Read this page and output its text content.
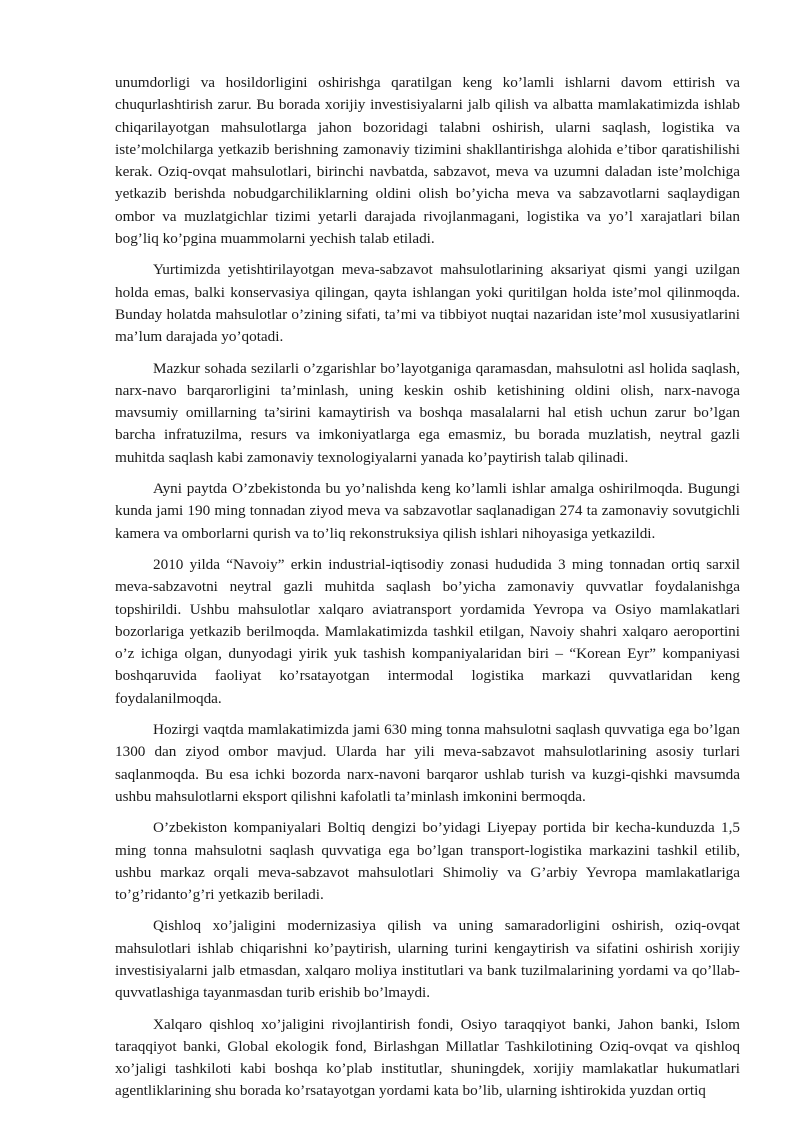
unumdorligi va hosildorligini oshirishga qaratilgan keng ko’lamli ishlarni davom ettirish va chuqurlashtirish zarur. Bu borada xorijiy investisiyalarni jalb qilish va albatta mamlakatimizda ishlab chiqarilayotgan mahsulotlarga jahon bozoridagi talabni oshirish, ularni saqlash, logistika va iste’molchilarga yetkazib berishning zamonaviy tizimini shakllantirishga alohida e’tibor qaratishilishi kerak. Oziq-ovqat mahsulotlari, birinchi navbatda, sabzavot, meva va uzumni daladan iste’molchiga yetkazib berishda nobudgarchiliklarning oldini olish bo’yicha meva va sabzavotlarni saqlaydigan ombor va muzlatgichlar tizimi yetarli darajada rivojlanmagani, logistika va yo’l xarajatlari bilan bog’liq ko’pgina muammolarni yechish talab etiladi.

Yurtimizda yetishtirilayotgan meva-sabzavot mahsulotlarining aksariyat qismi yangi uzilgan holda emas, balki konservasiya qilingan, qayta ishlangan yoki quritilgan holda iste’mol qilinmoqda. Bunday holatda mahsulotlar o’zining sifati, ta’mi va tibbiyot nuqtai nazaridan iste’mol xususiyatlarini ma’lum darajada yo’qotadi.

Mazkur sohada sezilarli o’zgarishlar bo’layotganiga qaramasdan, mahsulotni asl holida saqlash, narx-navo barqarorligini ta’minlash, uning keskin oshib ketishining oldini olish, narx-navoga mavsumiy omillarning ta’sirini kamaytirish va boshqa masalalarni hal etish uchun zarur bo’lgan barcha infratuzilma, resurs va imkoniyatlarga ega emasmiz, bu borada muzlatish, neytral gazli muhitda saqlash kabi zamonaviy texnologiyalarni yanada ko’paytirish talab qilinadi.

Ayni paytda O’zbekistonda bu yo’nalishda keng ko’lamli ishlar amalga oshirilmoqda. Bugungi kunda jami 190 ming tonnadan ziyod meva va sabzavotlar saqlanadigan 274 ta zamonaviy sovutgichli kamera va omborlarni qurish va to’liq rekonstruksiya qilish ishlari nihoyasiga yetkazildi.

2010 yilda “Navoiy” erkin industrial-iqtisodiy zonasi hududida 3 ming tonnadan ortiq sarxil meva-sabzavotni neytral gazli muhitda saqlash bo’yicha zamonaviy quvvatlar foydalanishga topshirildi. Ushbu mahsulotlar xalqaro aviatransport yordamida Yevropa va Osiyo mamlakatlari bozorlariga yetkazib berilmoqda. Mamlakatimizda tashkil etilgan, Navoiy shahri xalqaro aeroportini o’z ichiga olgan, dunyodagi yirik yuk tashish kompaniyalaridan biri – “Korean Eyr” kompaniyasi boshqaruvida faoliyat ko’rsatayotgan intermodal logistika markazi quvvatlaridan keng foydalanilmoqda.

Hozirgi vaqtda mamlakatimizda jami 630 ming tonna mahsulotni saqlash quvvatiga ega bo’lgan 1300 dan ziyod ombor mavjud. Ularda har yili meva-sabzavot mahsulotlarining asosiy turlari saqlanmoqda. Bu esa ichki bozorda narx-navoni barqaror ushlab turish va kuzgi-qishki mavsumda ushbu mahsulotlarni eksport qilishni kafolatli ta’minlash imkonini bermoqda.

O’zbekiston kompaniyalari Boltiq dengizi bo’yidagi Liyepay portida bir kecha-kunduzda 1,5 ming tonna mahsulotni saqlash quvvatiga ega bo’lgan transport-logistika markazini tashkil etilib, ushbu markaz orqali meva-sabzavot mahsulotlari Shimoliy va G’arbiy Yevropa mamlakatlariga to’g’ridanto’g’ri yetkazib beriladi.

Qishloq xo’jaligini modernizasiya qilish va uning samaradorligini oshirish, oziq-ovqat mahsulotlari ishlab chiqarishni ko’paytirish, ularning turini kengaytirish va sifatini oshirish xorijiy investisiyalarni jalb etmasdan, xalqaro moliya institutlari va bank tuzilmalarining yordami va qo’llab- quvvatlashiga tayanmasdan turib erishib bo’lmaydi.

Xalqaro qishloq xo’jaligini rivojlantirish fondi, Osiyo taraqqiyot banki, Jahon banki, Islom taraqqiyot banki, Global ekologik fond, Birlashgan Millatlar Tashkilotining Oziq-ovqat va qishloq xo’jaligi tashkiloti kabi boshqa ko’plab institutlar, shuningdek, xorijiy mamlakatlar hukumatlari agentliklarining shu borada ko’rsatayotgan yordami kata bo’lib, ularning ishtirokida yuzdan ortiq
